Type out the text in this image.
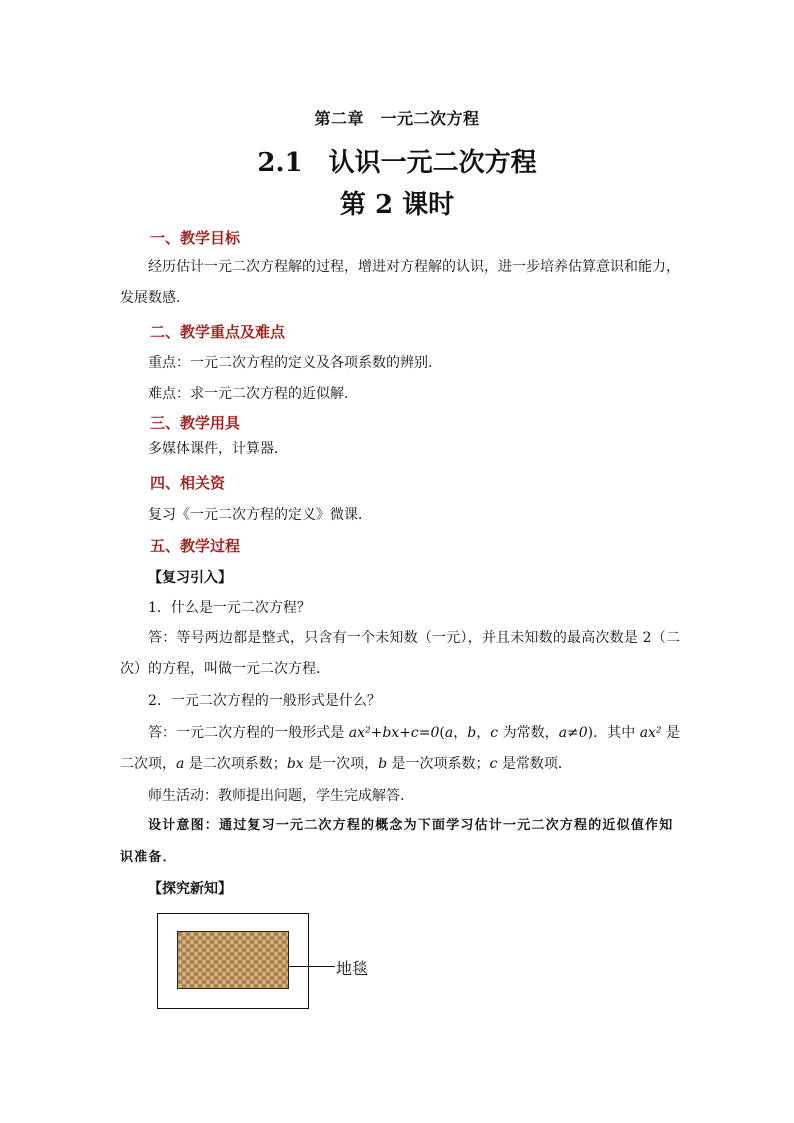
第二章　一元二次方程
2.1　认识一元二次方程
第 2 课时
一、教学目标
经历估计一元二次方程解的过程，增进对方程解的认识，进一步培养估算意识和能力，发展数感．
二、教学重点及难点
重点：一元二次方程的定义及各项系数的辨别．
难点：求一元二次方程的近似解．
三、教学用具
多媒体课件，计算器．
四、相关资
复习《一元二次方程的定义》微课．
五、教学过程
【复习引入】
1．什么是一元二次方程？
答：等号两边都是整式，只含有一个未知数（一元），并且未知数的最高次数是 2（二次）的方程，叫做一元二次方程．
2．一元二次方程的一般形式是什么？
答：一元二次方程的一般形式是 ax²+bx+c=0(a，b，c 为常数，a≠0)．其中 ax² 是二次项，a 是二次项系数；bx 是一次项，b 是一次项系数；c 是常数项．
师生活动：教师提出问题，学生完成解答．
设计意图：通过复习一元二次方程的概念为下面学习估计一元二次方程的近似值作知识准备．
【探究新知】
地毯
